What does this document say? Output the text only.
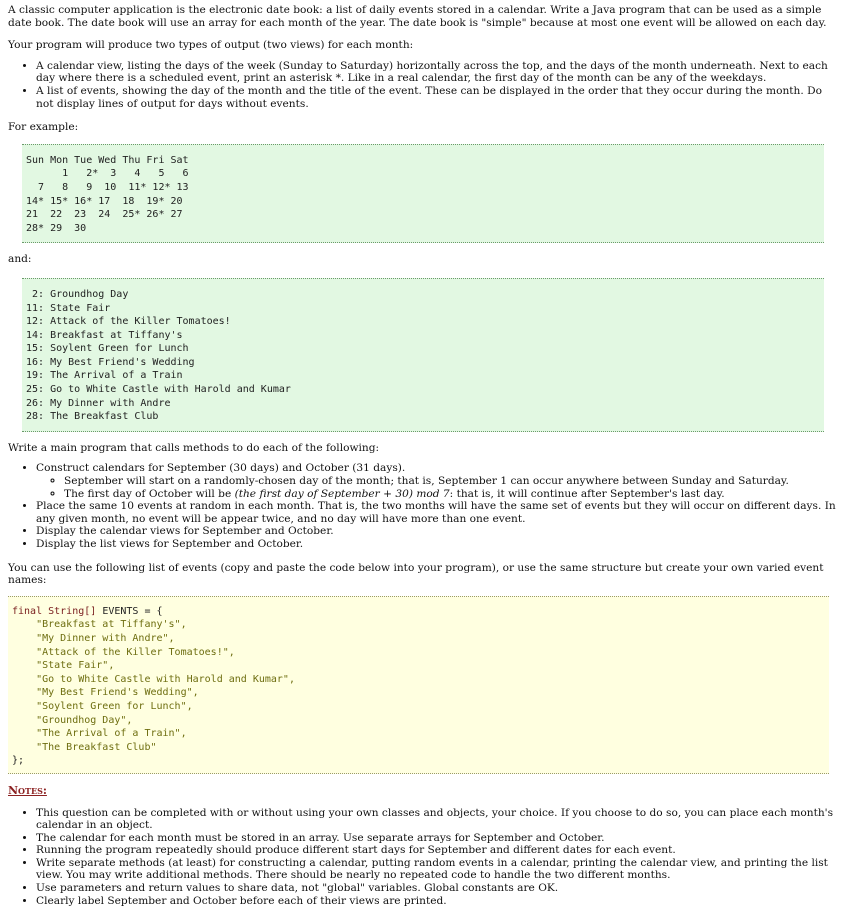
A classic computer application is the electronic date book: a list of daily events stored in a calendar. Write a Java program that can be used as a simple date book. The date book will use an array for each month of the year. The date book is "simple" because at most one event will be allowed on each day.

Your program will produce two types of output (two views) for each month:

• A calendar view, listing the days of the week (Sunday to Saturday) horizontally across the top, and the days of the month underneath. Next to each day where there is a scheduled event, print an asterisk *. Like in a real calendar, the first day of the month can be any of the weekdays.
• A list of events, showing the day of the month and the title of the event. These can be displayed in the order that they occur during the month. Do not display lines of output for days without events.

For example:

Sun Mon Tue Wed Thu Fri Sat
1   2*  3   4   5   6
7   8   9  10  11* 12* 13
14* 15* 16* 17  18  19* 20
21  22  23  24  25* 26* 27
28* 29  30

and:

2: Groundhog Day
11: State Fair
12: Attack of the Killer Tomatoes!
14: Breakfast at Tiffany's
15: Soylent Green for Lunch
16: My Best Friend's Wedding
19: The Arrival of a Train
25: Go to White Castle with Harold and Kumar
26: My Dinner with Andre
28: The Breakfast Club

Write a main program that calls methods to do each of the following:

• Construct calendars for September (30 days) and October (31 days).
◦ September will start on a randomly-chosen day of the month; that is, September 1 can occur anywhere between Sunday and Saturday.
◦ The first day of October will be (the first day of September + 30) mod 7: that is, it will continue after September's last day.
• Place the same 10 events at random in each month. That is, the two months will have the same set of events but they will occur on different days. In any given month, no event will be appear twice, and no day will have more than one event.
• Display the calendar views for September and October.
• Display the list views for September and October.

You can use the following list of events (copy and paste the code below into your program), or use the same structure but create your own varied event names:

final String[] EVENTS = {
"Breakfast at Tiffany's",
"My Dinner with Andre",
"Attack of the Killer Tomatoes!",
"State Fair",
"Go to White Castle with Harold and Kumar",
"My Best Friend's Wedding",
"Soylent Green for Lunch",
"Groundhog Day",
"The Arrival of a Train",
"The Breakfast Club"
};

Notes:

• This question can be completed with or without using your own classes and objects, your choice. If you choose to do so, you can place each month's calendar in an object.
• The calendar for each month must be stored in an array. Use separate arrays for September and October.
• Running the program repeatedly should produce different start days for September and different dates for each event.
• Write separate methods (at least) for constructing a calendar, putting random events in a calendar, printing the calendar view, and printing the list view. You may write additional methods. There should be nearly no repeated code to handle the two different months.
• Use parameters and return values to share data, not "global" variables. Global constants are OK.
• Clearly label September and October before each of their views are printed.
